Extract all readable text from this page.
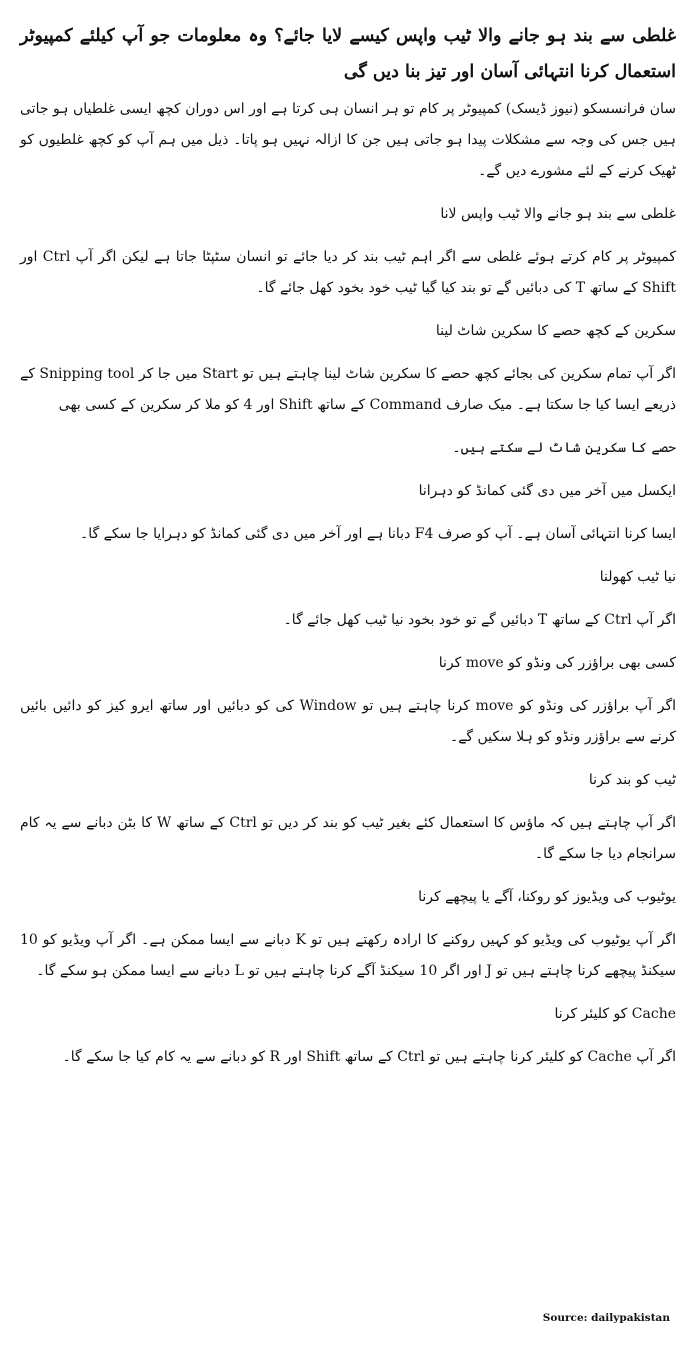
غلطی سے بند ہو جانے والا ٹیب واپس کیسے لایا جائے؟ وہ معلومات جو آپ کیلئے کمپیوٹر استعمال کرنا انتہائی آسان اور تیز بنا دیں گی

سان فرانسسکو (نیوز ڈیسک) کمپیوٹر پر کام تو ہر انسان ہی کرتا ہے اور اس دوران کچھ ایسی غلطیاں ہو جاتی ہیں جس کی وجہ سے مشکلات پیدا ہو جاتی ہیں جن کا ازالہ نہیں ہو پاتا۔ ذیل میں ہم آپ کو کچھ غلطیوں کو ٹھیک کرنے کے لئے مشورے دیں گے۔

غلطی سے بند ہو جانے والا ٹیب واپس لانا

کمپیوٹر پر کام کرتے ہوئے غلطی سے اگر اہم ٹیب بند کر دیا جائے تو انسان سٹپٹا جاتا ہے لیکن اگر آپ Ctrl اور Shift کے ساتھ T کی دبائیں گے تو بند کیا گیا ٹیب خود بخود کھل جائے گا۔

سکرین کے کچھ حصے کا سکرین شاٹ لینا

اگر آپ تمام سکرین کی بجائے کچھ حصے کا سکرین شاٹ لینا چاہتے ہیں تو Start میں جا کر Snipping tool کے ذریعے ایسا کیا جا سکتا ہے۔ میک صارف Command کے ساتھ Shift اور 4 کو ملا کر سکرین کے کسی بھی

حصے کا سکرین شاٹ لے سکتے ہیں۔

ایکسل میں آخر میں دی گئی کمانڈ کو دہرانا

ایسا کرنا انتہائی آسان ہے۔ آپ کو صرف F4 دبانا ہے اور آخر میں دی گئی کمانڈ کو دہرایا جا سکے گا۔

نیا ٹیب کھولنا

اگر آپ Ctrl کے ساتھ T دبائیں گے تو خود بخود نیا ٹیب کھل جائے گا۔

کسی بھی براؤزر کی ونڈو کو move کرنا

اگر آپ براؤزر کی ونڈو کو move کرنا چاہتے ہیں تو Window کی کو دبائیں اور ساتھ ایرو کیز کو دائیں بائیں کرنے سے براؤزر ونڈو کو ہلا سکیں گے۔

ٹیب کو بند کرنا

اگر آپ چاہتے ہیں کہ ماؤس کا استعمال کئے بغیر ٹیب کو بند کر دیں تو Ctrl کے ساتھ W کا بٹن دبانے سے یہ کام سرانجام دیا جا سکے گا۔

یوٹیوب کی ویڈیوز کو روکنا، آگے یا پیچھے کرنا

اگر آپ یوٹیوب کی ویڈیو کو کہیں روکنے کا ارادہ رکھتے ہیں تو K دبانے سے ایسا ممکن ہے۔ اگر آپ ویڈیو کو 10 سیکنڈ پیچھے کرنا چاہتے ہیں تو J اور اگر 10 سیکنڈ آگے کرنا چاہتے ہیں تو L دبانے سے ایسا ممکن ہو سکے گا۔

Cache کو کلیئر کرنا

اگر آپ Cache کو کلیئر کرنا چاہتے ہیں تو Ctrl کے ساتھ Shift اور R کو دبانے سے یہ کام کیا جا سکے گا۔

Source: dailypakistan
